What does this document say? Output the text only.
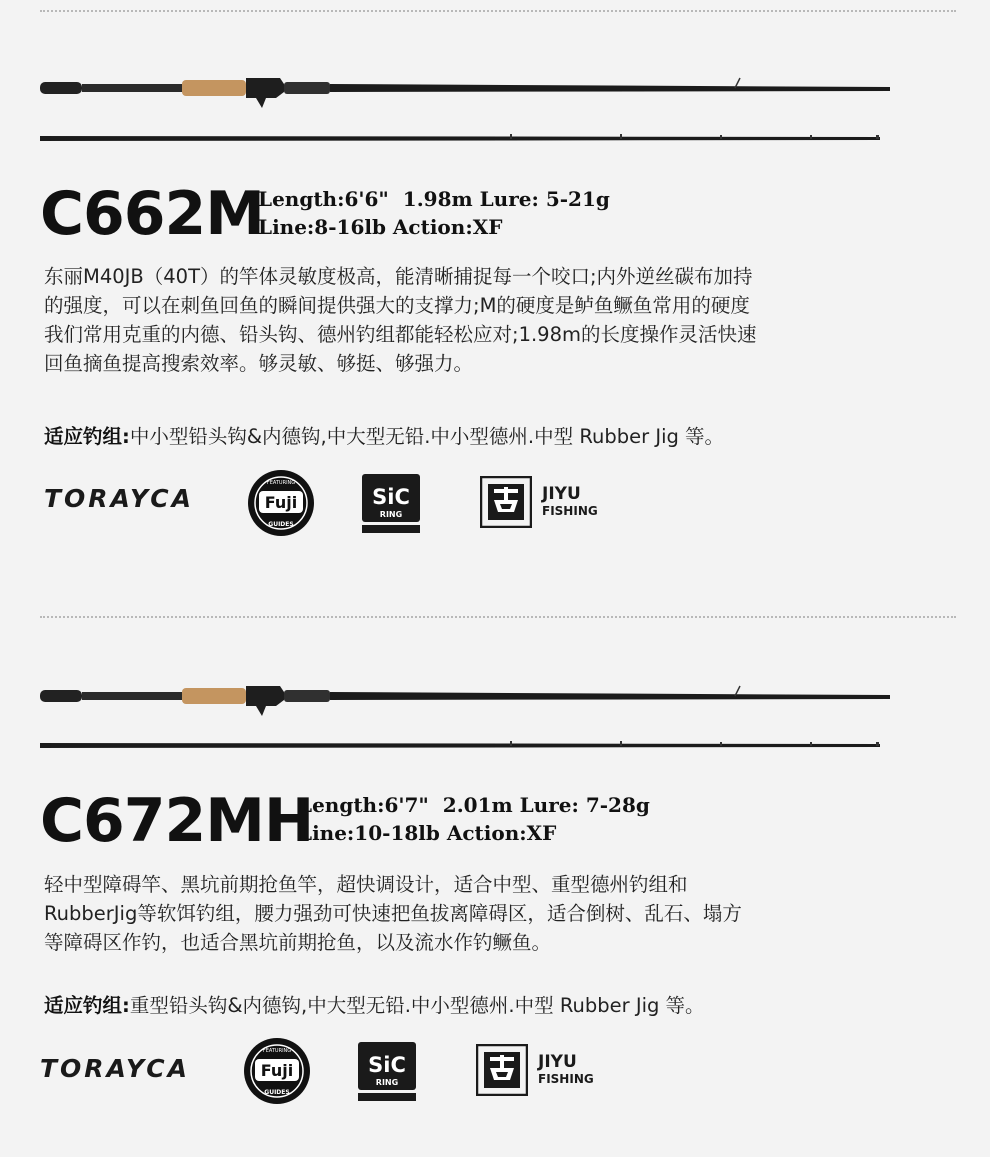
C662M
Length:6'6"  1.98m Lure: 5-21g
Line:8-16lb Action:XF
东丽M40JB（40T）的竿体灵敏度极高，能清晰捕捉每一个咬口;内外逆丝碳布加持
的强度，可以在刺鱼回鱼的瞬间提供强大的支撑力;M的硬度是鲈鱼鳜鱼常用的硬度
我们常用克重的内德、铅头钩、德州钓组都能轻松应对;1.98m的长度操作灵活快速
回鱼摘鱼提高搜索效率。够灵敏、够挺、够强力。
适应钓组:中小型铅头钩&内德钩,中大型无铅.中小型德州.中型 Rubber Jig 等。
TORAYCA
FEATURING
Fuji
GUIDES
SiC
RING
JIYU
FISHING
C672MH
Length:6'7"  2.01m Lure: 7-28g
Line:10-18lb Action:XF
轻中型障碍竿、黑坑前期抢鱼竿，超快调设计，适合中型、重型德州钓组和
RubberJig等软饵钓组，腰力强劲可快速把鱼拔离障碍区，适合倒树、乱石、塌方
等障碍区作钓，也适合黑坑前期抢鱼，以及流水作钓鳜鱼。
适应钓组:重型铅头钩&内德钩,中大型无铅.中小型德州.中型 Rubber Jig 等。
TORAYCA
FEATURING
Fuji
GUIDES
SiC
RING
JIYU
FISHING
